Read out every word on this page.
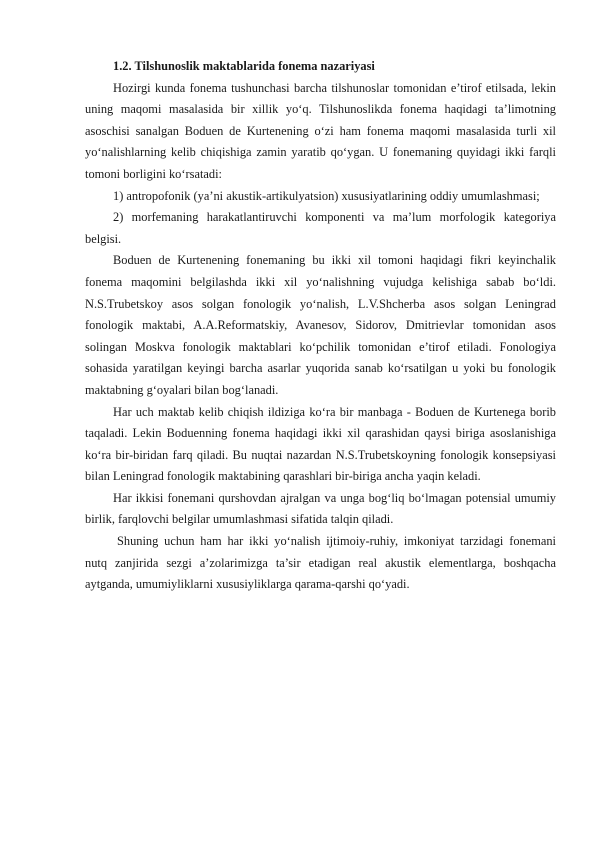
1.2. Tilshunoslik maktablarida fonema nazariyasi

Hozirgi kunda fonema tushunchasi barcha tilshunoslar tomonidan e’tirof etilsada, lekin uning maqomi masalasida bir xillik yo‘q. Tilshunoslikda fonema haqidagi ta’limotning asoschisi sanalgan Boduen de Kurtenening o‘zi ham fonema maqomi masalasida turli xil yo‘nalishlarning kelib chiqishiga zamin yaratib qo‘ygan. U fonemaning quyidagi ikki farqli tomoni borligini ko‘rsatadi:

1) antropofonik (ya’ni akustik-artikulyatsion) xususiyatlarining oddiy umumlashmasi;

2) morfemaning harakatlantiruvchi komponenti va ma’lum morfologik kategoriya belgisi.

Boduen de Kurtenening fonemaning bu ikki xil tomoni haqidagi fikri keyinchalik fonema maqomini belgilashda ikki xil yo‘nalishning vujudga kelishiga sabab bo‘ldi. N.S.Trubetskoy asos solgan fonologik yo‘nalish, L.V.Shcherba asos solgan Leningrad fonologik maktabi, A.A.Reformatskiy, Avanesov, Sidorov, Dmitrievlar tomonidan asos solingan Moskva fonologik maktablari ko‘pchilik tomonidan e’tirof etiladi. Fonologiya sohasida yaratilgan keyingi barcha asarlar yuqorida sanab ko‘rsatilgan u yoki bu fonologik maktabning g‘oyalari bilan bog‘lanadi.

Har uch maktab kelib chiqish ildiziga ko‘ra bir manbaga - Boduen de Kurtenega borib taqaladi. Lekin Boduenning fonema haqidagi ikki xil qarashidan qaysi biriga asoslanishiga ko‘ra bir-biridan farq qiladi. Bu nuqtai nazardan N.S.Trubetskoyning fonologik konsepsiyasi bilan Leningrad fonologik maktabining qarashlari bir-biriga ancha yaqin keladi.

Har ikkisi fonemani qurshovdan ajralgan va unga bog‘liq bo‘lmagan potensial umumiy birlik, farqlovchi belgilar umumlashmasi sifatida talqin qiladi.

Shuning uchun ham har ikki yo‘nalish ijtimoiy-ruhiy, imkoniyat tarzidagi fonemani nutq zanjirida sezgi a’zolarimizga ta’sir etadigan real akustik elementlarga, boshqacha aytganda, umumiyliklarni xususiyliklarga qarama-qarshi qo‘yadi.
